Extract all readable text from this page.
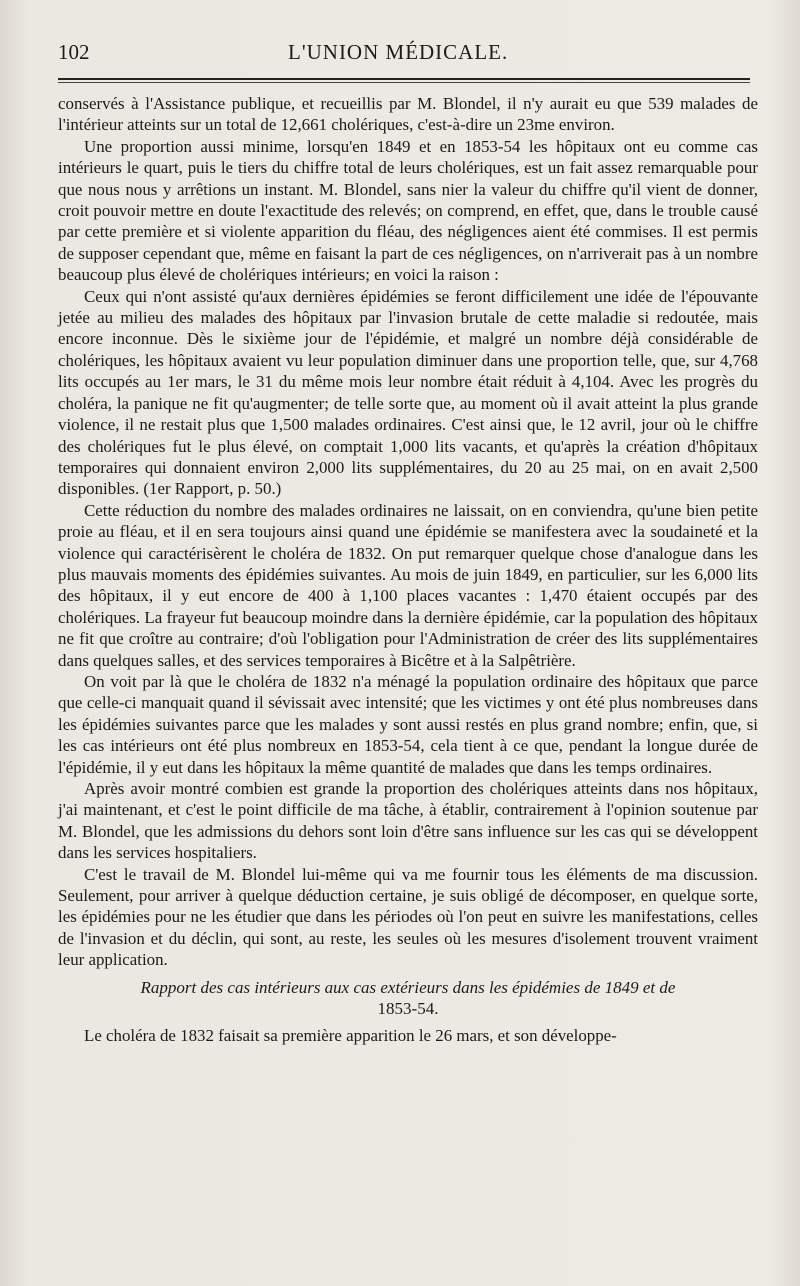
102	L'UNION MÉDICALE.

conservés à l'Assistance publique, et recueillis par M. Blondel, il n'y aurait eu que 539 malades de l'intérieur atteints sur un total de 12,661 cholériques, c'est-à-dire un 23me environ.

Une proportion aussi minime, lorsqu'en 1849 et en 1853-54 les hôpitaux ont eu comme cas intérieurs le quart, puis le tiers du chiffre total de leurs cholériques, est un fait assez remarquable pour que nous nous y arrêtions un instant. M. Blondel, sans nier la valeur du chiffre qu'il vient de donner, croit pouvoir mettre en doute l'exactitude des relevés; on comprend, en effet, que, dans le trouble causé par cette première et si violente apparition du fléau, des négligences aient été commises. Il est permis de supposer cependant que, même en faisant la part de ces négligences, on n'arriverait pas à un nombre beaucoup plus élevé de cholériques intérieurs; en voici la raison :

Ceux qui n'ont assisté qu'aux dernières épidémies se feront difficilement une idée de l'épouvante jetée au milieu des malades des hôpitaux par l'invasion brutale de cette maladie si redoutée, mais encore inconnue. Dès le sixième jour de l'épidémie, et malgré un nombre déjà considérable de cholériques, les hôpitaux avaient vu leur population diminuer dans une proportion telle, que, sur 4,768 lits occupés au 1er mars, le 31 du même mois leur nombre était réduit à 4,104. Avec les progrès du choléra, la panique ne fit qu'augmenter; de telle sorte que, au moment où il avait atteint la plus grande violence, il ne restait plus que 1,500 malades ordinaires. C'est ainsi que, le 12 avril, jour où le chiffre des cholériques fut le plus élevé, on comptait 1,000 lits vacants, et qu'après la création d'hôpitaux temporaires qui donnaient environ 2,000 lits supplémentaires, du 20 au 25 mai, on en avait 2,500 disponibles. (1er Rapport, p. 50.)

Cette réduction du nombre des malades ordinaires ne laissait, on en conviendra, qu'une bien petite proie au fléau, et il en sera toujours ainsi quand une épidémie se manifestera avec la soudaineté et la violence qui caractérisèrent le choléra de 1832. On put remarquer quelque chose d'analogue dans les plus mauvais moments des épidémies suivantes. Au mois de juin 1849, en particulier, sur les 6,000 lits des hôpitaux, il y eut encore de 400 à 1,100 places vacantes : 1,470 étaient occupés par des cholériques. La frayeur fut beaucoup moindre dans la dernière épidémie, car la population des hôpitaux ne fit que croître au contraire; d'où l'obligation pour l'Administration de créer des lits supplémentaires dans quelques salles, et des services temporaires à Bicêtre et à la Salpêtrière.

On voit par là que le choléra de 1832 n'a ménagé la population ordinaire des hôpitaux que parce que celle-ci manquait quand il sévissait avec intensité; que les victimes y ont été plus nombreuses dans les épidémies suivantes parce que les malades y sont aussi restés en plus grand nombre; enfin, que, si les cas intérieurs ont été plus nombreux en 1853-54, cela tient à ce que, pendant la longue durée de l'épidémie, il y eut dans les hôpitaux la même quantité de malades que dans les temps ordinaires.

Après avoir montré combien est grande la proportion des cholériques atteints dans nos hôpitaux, j'ai maintenant, et c'est le point difficile de ma tâche, à établir, contrairement à l'opinion soutenue par M. Blondel, que les admissions du dehors sont loin d'être sans influence sur les cas qui se développent dans les services hospitaliers.

C'est le travail de M. Blondel lui-même qui va me fournir tous les éléments de ma discussion. Seulement, pour arriver à quelque déduction certaine, je suis obligé de décomposer, en quelque sorte, les épidémies pour ne les étudier que dans les périodes où l'on peut en suivre les manifestations, celles de l'invasion et du déclin, qui sont, au reste, les seules où les mesures d'isolement trouvent vraiment leur application.

Rapport des cas intérieurs aux cas extérieurs dans les épidémies de 1849 et de
1853-54.

Le choléra de 1832 faisait sa première apparition le 26 mars, et son développe-
